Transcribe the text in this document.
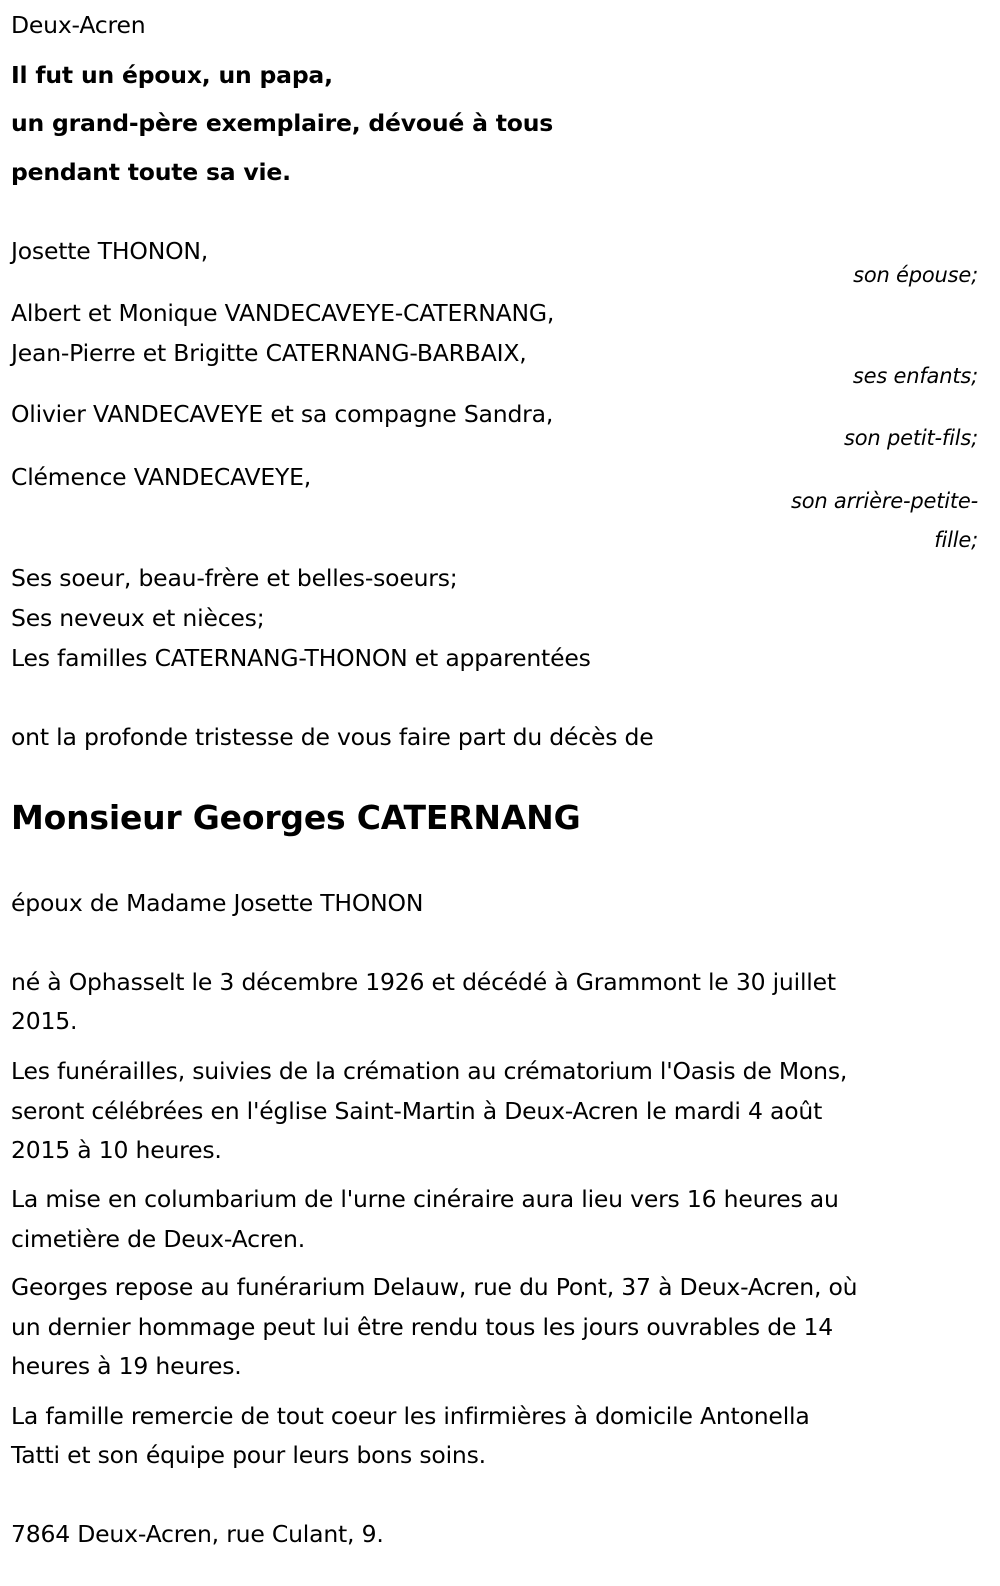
Deux-Acren
Il fut un époux, un papa,
un grand-père exemplaire, dévoué à tous
pendant toute sa vie.
Josette THONON,
son épouse;
Albert et Monique VANDECAVEYE-CATERNANG,
Jean-Pierre et Brigitte CATERNANG-BARBAIX,
ses enfants;
Olivier VANDECAVEYE et sa compagne Sandra,
son petit-fils;
Clémence VANDECAVEYE,
son arrière-petite-
fille;
Ses soeur, beau-frère et belles-soeurs;
Ses neveux et nièces;
Les familles CATERNANG-THONON et apparentées
ont la profonde tristesse de vous faire part du décès de
Monsieur Georges CATERNANG
époux de Madame Josette THONON
né à Ophasselt le 3 décembre 1926 et décédé à Grammont le 30 juillet
2015.
Les funérailles, suivies de la crémation au crématorium l'Oasis de Mons,
seront célébrées en l'église Saint-Martin à Deux-Acren le mardi 4 août
2015 à 10 heures.
La mise en columbarium de l'urne cinéraire aura lieu vers 16 heures au
cimetière de Deux-Acren.
Georges repose au funérarium Delauw, rue du Pont, 37 à Deux-Acren, où
un dernier hommage peut lui être rendu tous les jours ouvrables de 14
heures à 19 heures.
La famille remercie de tout coeur les infirmières à domicile Antonella
Tatti et son équipe pour leurs bons soins.
7864 Deux-Acren, rue Culant, 9.
